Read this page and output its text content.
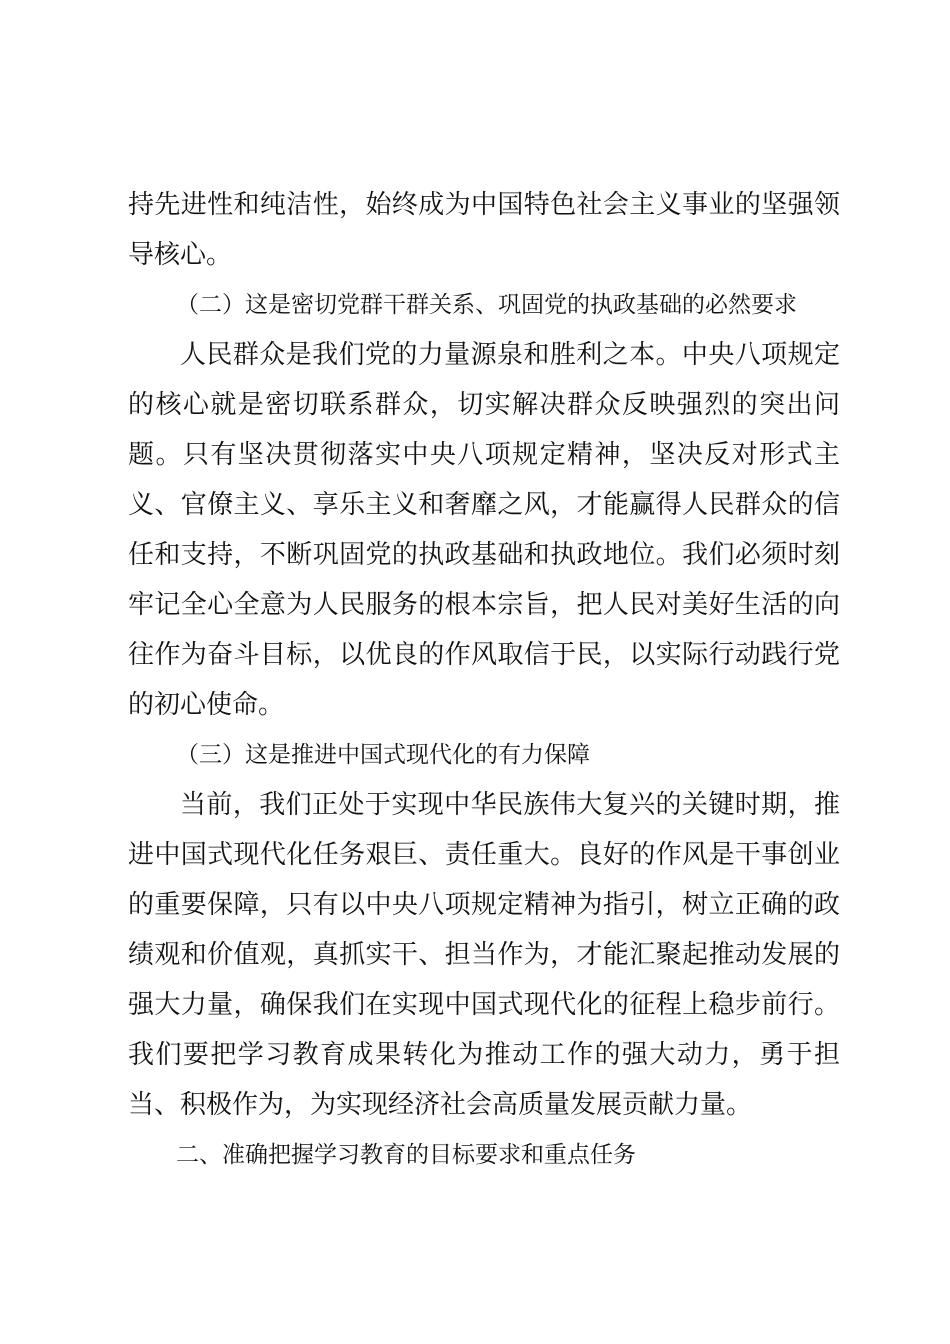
持先进性和纯洁性，始终成为中国特色社会主义事业的坚强领导核心。

（二）这是密切党群干群关系、巩固党的执政基础的必然要求

人民群众是我们党的力量源泉和胜利之本。中央八项规定的核心就是密切联系群众，切实解决群众反映强烈的突出问题。只有坚决贯彻落实中央八项规定精神，坚决反对形式主义、官僚主义、享乐主义和奢靡之风，才能赢得人民群众的信任和支持，不断巩固党的执政基础和执政地位。我们必须时刻牢记全心全意为人民服务的根本宗旨，把人民对美好生活的向往作为奋斗目标，以优良的作风取信于民，以实际行动践行党的初心使命。

（三）这是推进中国式现代化的有力保障

当前，我们正处于实现中华民族伟大复兴的关键时期，推进中国式现代化任务艰巨、责任重大。良好的作风是干事创业的重要保障，只有以中央八项规定精神为指引，树立正确的政绩观和价值观，真抓实干、担当作为，才能汇聚起推动发展的强大力量，确保我们在实现中国式现代化的征程上稳步前行。我们要把学习教育成果转化为推动工作的强大动力，勇于担当、积极作为，为实现经济社会高质量发展贡献力量。

二、准确把握学习教育的目标要求和重点任务
